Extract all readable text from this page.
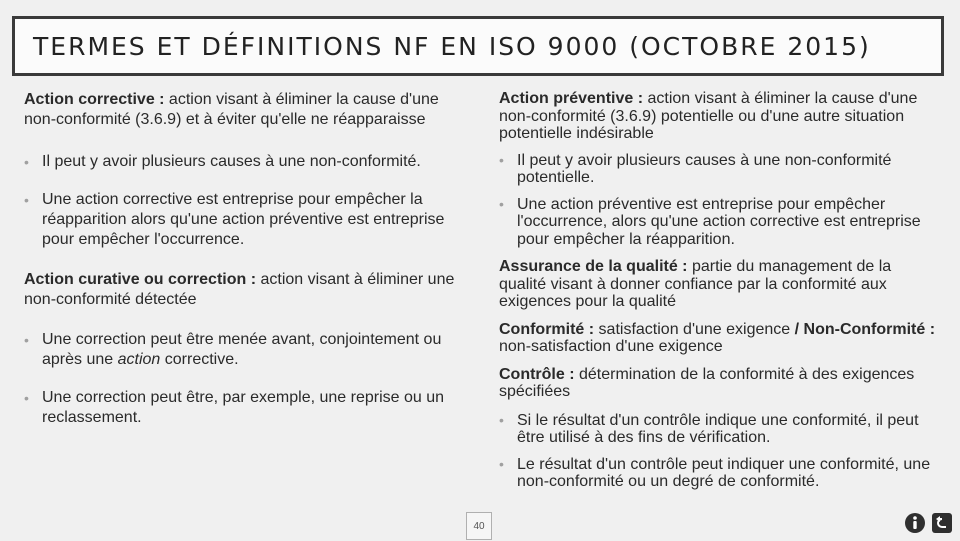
TERMES ET DÉFINITIONS NF EN ISO 9000 (OCTOBRE 2015)

Action corrective : action visant à éliminer la cause d'une non-conformité (3.6.9) et à éviter qu'elle ne réapparaisse

• Il peut y avoir plusieurs causes à une non-conformité.
• Une action corrective est entreprise pour empêcher la réapparition alors qu'une action préventive est entreprise pour empêcher l'occurrence.

Action curative ou correction : action visant à éliminer une non-conformité détectée

• Une correction peut être menée avant, conjointement ou après une action corrective.
• Une correction peut être, par exemple, une reprise ou un reclassement.

Action préventive : action visant à éliminer la cause d'une non-conformité (3.6.9) potentielle ou d'une autre situation potentielle indésirable

• Il peut y avoir plusieurs causes à une non-conformité potentielle.
• Une action préventive est entreprise pour empêcher l'occurrence, alors qu'une action corrective est entreprise pour empêcher la réapparition.

Assurance de la qualité : partie du management de la qualité visant à donner confiance par la conformité aux exigences pour la qualité

Conformité : satisfaction d'une exigence / Non-Conformité : non-satisfaction d'une exigence

Contrôle : détermination de la conformité à des exigences spécifiées

• Si le résultat d'un contrôle indique une conformité, il peut être utilisé à des fins de vérification.
• Le résultat d'un contrôle peut indiquer une conformité, une non-conformité ou un degré de conformité.
40
